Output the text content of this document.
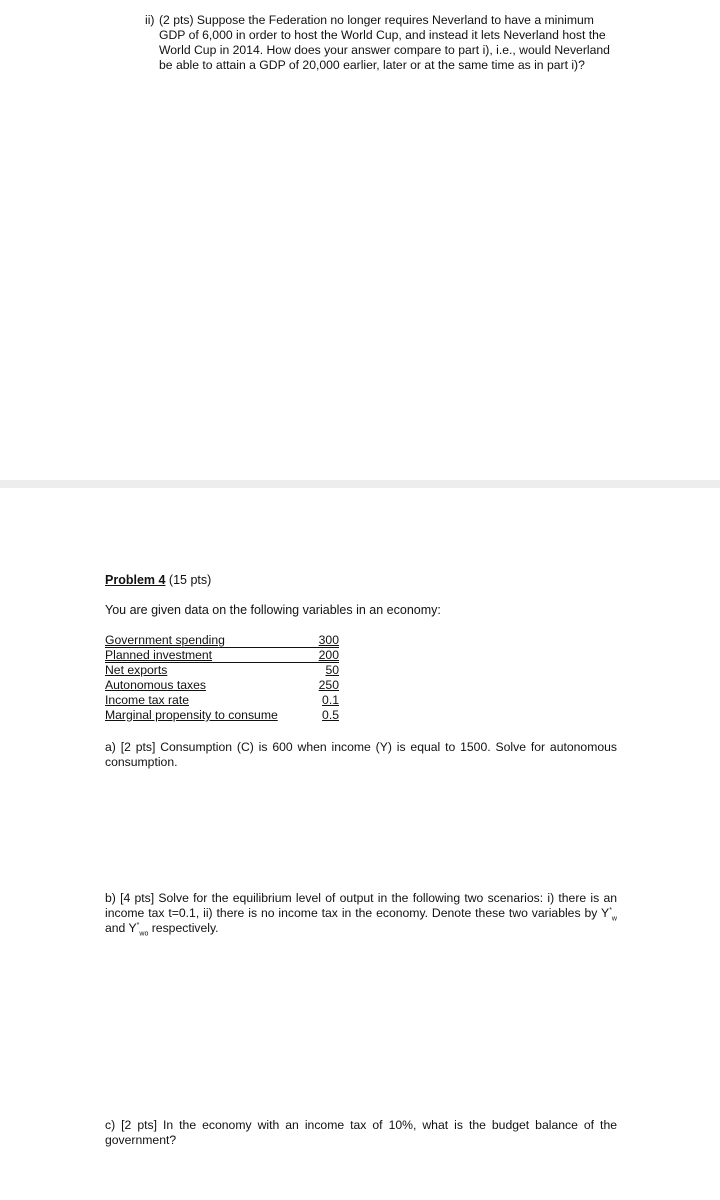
ii) (2 pts) Suppose the Federation no longer requires Neverland to have a minimum GDP of 6,000 in order to host the World Cup, and instead it lets Neverland host the World Cup in 2014. How does your answer compare to part i), i.e., would Neverland be able to attain a GDP of 20,000 earlier, later or at the same time as in part i)?
Problem 4 (15 pts)
You are given data on the following variables in an economy:
Government spending	300
Planned investment	200
Net exports	50
Autonomous taxes	250
Income tax rate	0.1
Marginal propensity to consume	0.5
a) [2 pts] Consumption (C) is 600 when income (Y) is equal to 1500. Solve for autonomous consumption.
b) [4 pts] Solve for the equilibrium level of output in the following two scenarios: i) there is an income tax t=0.1, ii) there is no income tax in the economy. Denote these two variables by $Y^*_w$ and $Y^*_{wo}$ respectively.
c) [2 pts] In the economy with an income tax of 10%, what is the budget balance of the government?
